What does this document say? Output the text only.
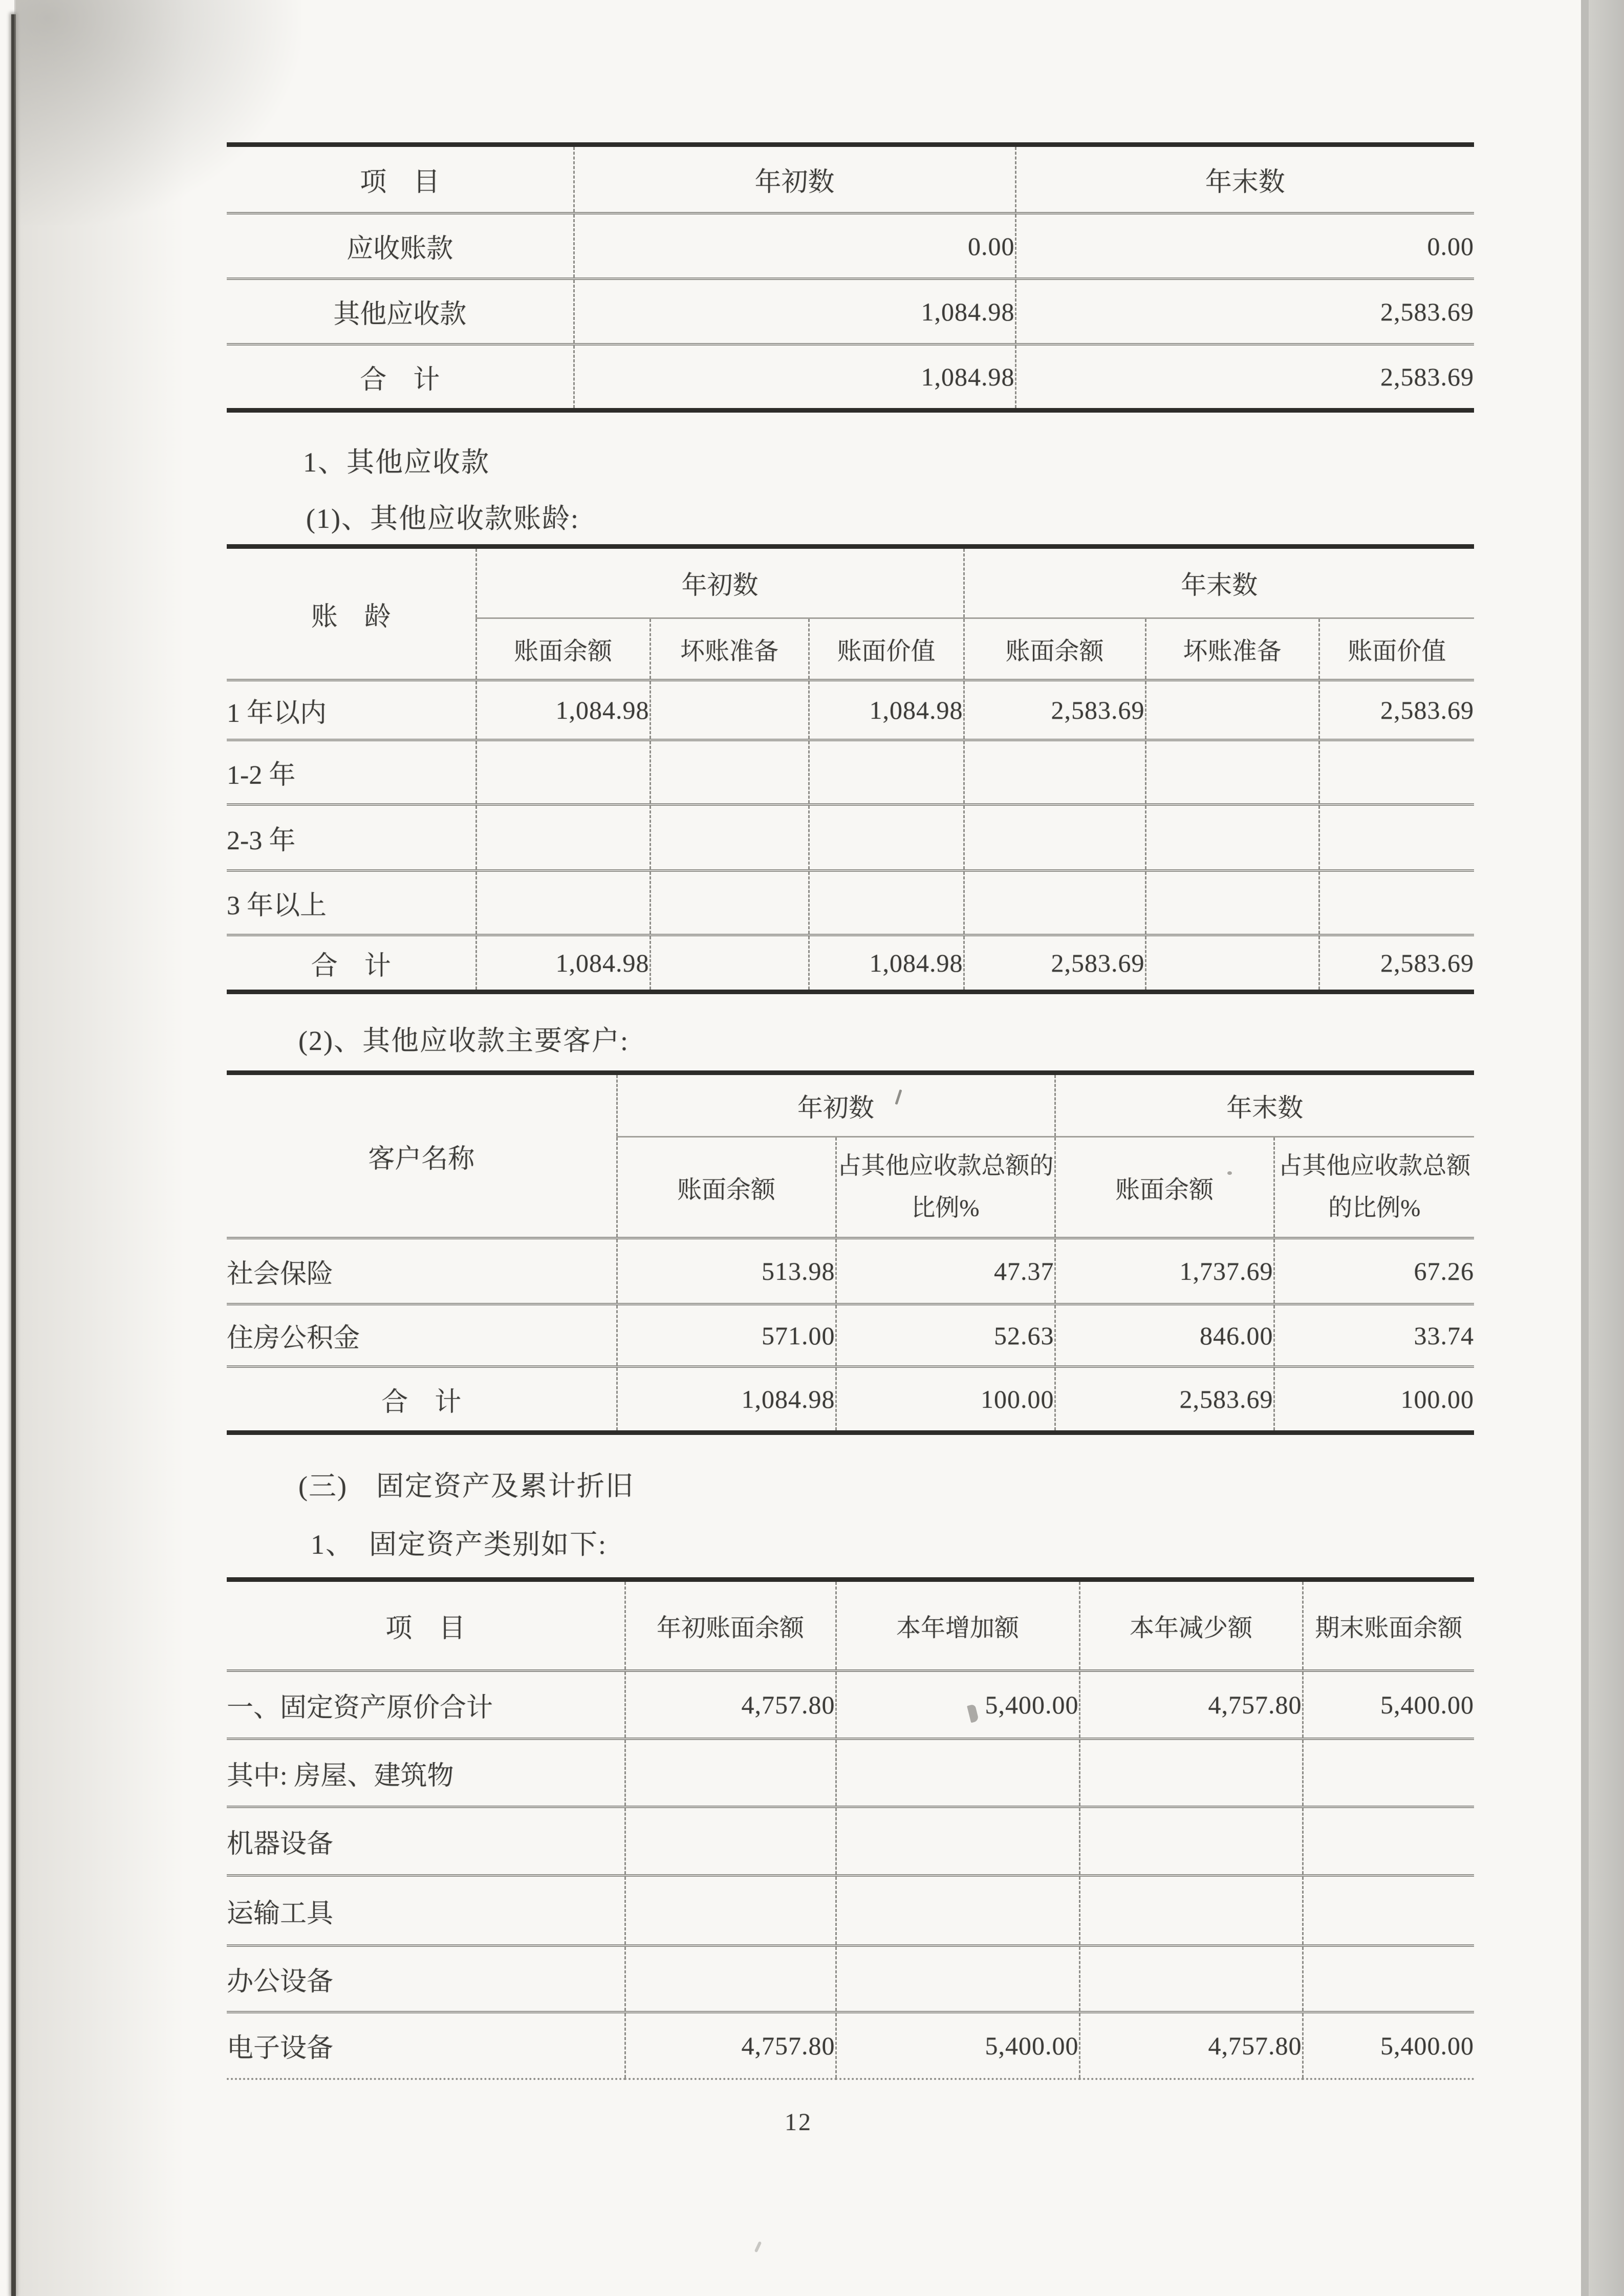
项　目	年初数	年末数
应收账款	0.00	0.00
其他应收款	1,084.98	2,583.69
合　计	1,084.98	2,583.69
1、其他应收款
(1)、其他应收款账龄:
账　龄	年初数			年末数		
	账面余额	坏账准备	账面价值	账面余额	坏账准备	账面价值
1 年以内	1,084.98		1,084.98	2,583.69		2,583.69
1-2 年						
2-3 年						
3 年以上						
合　计	1,084.98		1,084.98	2,583.69		2,583.69
(2)、其他应收款主要客户:
客户名称	年初数		年末数	
	账面余额	占其他应收款总额的比例%	账面余额	占其他应收款总额的比例%
社会保险	513.98	47.37	1,737.69	67.26
住房公积金	571.00	52.63	846.00	33.74
合　计	1,084.98	100.00	2,583.69	100.00
(三)　固定资产及累计折旧
1、　固定资产类别如下:
项　目	年初账面余额	本年增加额	本年减少额	期末账面余额
一、固定资产原价合计	4,757.80	5,400.00	4,757.80	5,400.00
其中: 房屋、建筑物				
机器设备				
运输工具				
办公设备				
电子设备	4,757.80	5,400.00	4,757.80	5,400.00
12
